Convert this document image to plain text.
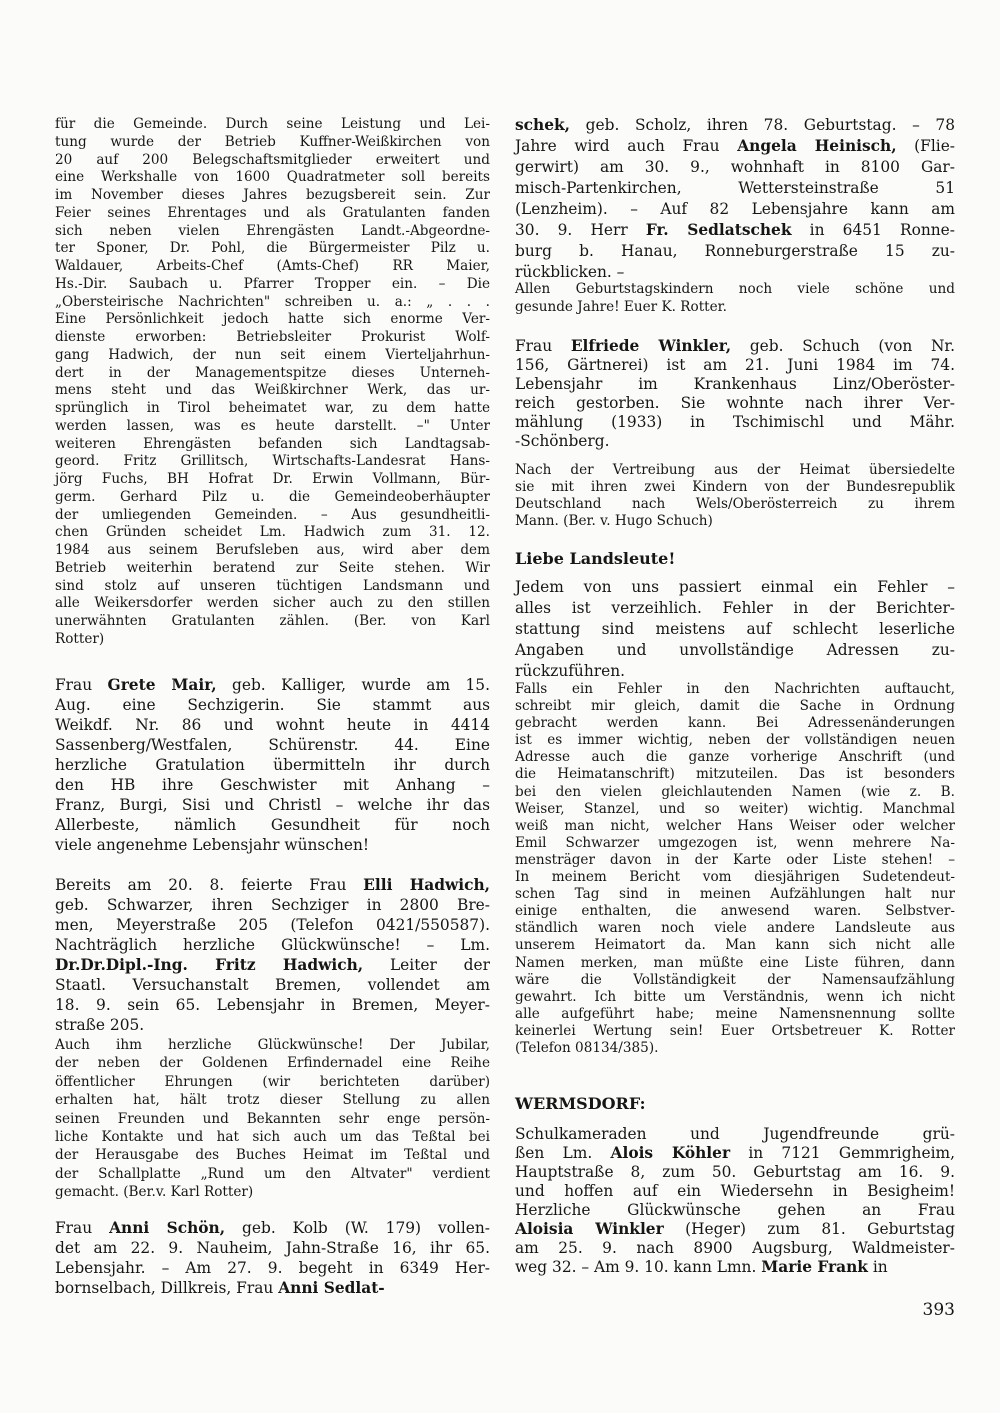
für die Gemeinde. Durch seine Leistung und Lei-
tung wurde der Betrieb Kuffner-Weißkirchen von
20 auf 200 Belegschaftsmitglieder erweitert und
eine Werkshalle von 1600 Quadratmeter soll bereits
im November dieses Jahres bezugsbereit sein. Zur
Feier seines Ehrentages und als Gratulanten fanden
sich neben vielen Ehrengästen Landt.-Abgeordne-
ter Sponer, Dr. Pohl, die Bürgermeister Pilz u.
Waldauer, Arbeits-Chef (Amts-Chef) RR Maier,
Hs.-Dir. Saubach u. Pfarrer Tropper ein. – Die
„Obersteirische Nachrichten" schreiben u. a.: „ . . .
Eine Persönlichkeit jedoch hatte sich enorme Ver-
dienste erworben: Betriebsleiter Prokurist Wolf-
gang Hadwich, der nun seit einem Vierteljahrhun-
dert in der Managementspitze dieses Unterneh-
mens steht und das Weißkirchner Werk, das ur-
sprünglich in Tirol beheimatet war, zu dem hatte
werden lassen, was es heute darstellt. –" Unter
weiteren Ehrengästen befanden sich Landtagsab-
geord. Fritz Grillitsch, Wirtschafts-Landesrat Hans-
jörg Fuchs, BH Hofrat Dr. Erwin Vollmann, Bür-
germ. Gerhard Pilz u. die Gemeindeoberhäupter
der umliegenden Gemeinden. – Aus gesundheitli-
chen Gründen scheidet Lm. Hadwich zum 31. 12.
1984 aus seinem Berufsleben aus, wird aber dem
Betrieb weiterhin beratend zur Seite stehen. Wir
sind stolz auf unseren tüchtigen Landsmann und
alle Weikersdorfer werden sicher auch zu den stillen
unerwähnten Gratulanten zählen. (Ber. von Karl
Rotter)
Frau Grete Mair, geb. Kalliger, wurde am 15.
Aug. eine Sechzigerin. Sie stammt aus
Weikdf. Nr. 86 und wohnt heute in 4414
Sassenberg/Westfalen, Schürenstr. 44. Eine
herzliche Gratulation übermitteln ihr durch
den HB ihre Geschwister mit Anhang –
Franz, Burgi, Sisi und Christl – welche ihr das
Allerbeste, nämlich Gesundheit für noch
viele angenehme Lebensjahr wünschen!
Bereits am 20. 8. feierte Frau Elli Hadwich,
geb. Schwarzer, ihren Sechziger in 2800 Bre-
men, Meyerstraße 205 (Telefon 0421/550587).
Nachträglich herzliche Glückwünsche! – Lm.
Dr.Dr.Dipl.-Ing. Fritz Hadwich, Leiter der
Staatl. Versuchanstalt Bremen, vollendet am
18. 9. sein 65. Lebensjahr in Bremen, Meyer-
straße 205.
Auch ihm herzliche Glückwünsche! Der Jubilar,
der neben der Goldenen Erfindernadel eine Reihe
öffentlicher Ehrungen (wir berichteten darüber)
erhalten hat, hält trotz dieser Stellung zu allen
seinen Freunden und Bekannten sehr enge persön-
liche Kontakte und hat sich auch um das Teßtal bei
der Herausgabe des Buches Heimat im Teßtal und
der Schallplatte „Rund um den Altvater" verdient
gemacht. (Ber.v. Karl Rotter)
Frau Anni Schön, geb. Kolb (W. 179) vollen-
det am 22. 9. Nauheim, Jahn-Straße 16, ihr 65.
Lebensjahr. – Am 27. 9. begeht in 6349 Her-
bornselbach, Dillkreis, Frau Anni Sedlat-
schek, geb. Scholz, ihren 78. Geburtstag. – 78
Jahre wird auch Frau Angela Heinisch, (Flie-
gerwirt) am 30. 9., wohnhaft in 8100 Gar-
misch-Partenkirchen, Wettersteinstraße 51
(Lenzheim). – Auf 82 Lebensjahre kann am
30. 9. Herr Fr. Sedlatschek in 6451 Ronne-
burg b. Hanau, Ronneburgerstraße 15 zu-
rückblicken. –
Allen Geburtstagskindern noch viele schöne und
gesunde Jahre! Euer K. Rotter.
Frau Elfriede Winkler, geb. Schuch (von Nr.
156, Gärtnerei) ist am 21. Juni 1984 im 74.
Lebensjahr im Krankenhaus Linz/Oberöster-
reich gestorben. Sie wohnte nach ihrer Ver-
mählung (1933) in Tschimischl und Mähr.
-Schönberg.
Nach der Vertreibung aus der Heimat übersiedelte
sie mit ihren zwei Kindern von der Bundesrepublik
Deutschland nach Wels/Oberösterreich zu ihrem
Mann. (Ber. v. Hugo Schuch)
Liebe Landsleute!
Jedem von uns passiert einmal ein Fehler –
alles ist verzeihlich. Fehler in der Berichter-
stattung sind meistens auf schlecht leserliche
Angaben und unvollständige Adressen zu-
rückzuführen.
Falls ein Fehler in den Nachrichten auftaucht,
schreibt mir gleich, damit die Sache in Ordnung
gebracht werden kann. Bei Adressenänderungen
ist es immer wichtig, neben der vollständigen neuen
Adresse auch die ganze vorherige Anschrift (und
die Heimatanschrift) mitzuteilen. Das ist besonders
bei den vielen gleichlautenden Namen (wie z. B.
Weiser, Stanzel, und so weiter) wichtig. Manchmal
weiß man nicht, welcher Hans Weiser oder welcher
Emil Schwarzer umgezogen ist, wenn mehrere Na-
mensträger davon in der Karte oder Liste stehen! –
In meinem Bericht vom diesjährigen Sudetendeut-
schen Tag sind in meinen Aufzählungen halt nur
einige enthalten, die anwesend waren. Selbstver-
ständlich waren noch viele andere Landsleute aus
unserem Heimatort da. Man kann sich nicht alle
Namen merken, man müßte eine Liste führen, dann
wäre die Vollständigkeit der Namensaufzählung
gewahrt. Ich bitte um Verständnis, wenn ich nicht
alle aufgeführt habe; meine Namensnennung sollte
keinerlei Wertung sein! Euer Ortsbetreuer K. Rotter
(Telefon 08134/385).
WERMSDORF:
Schulkameraden und Jugendfreunde grü-
ßen Lm. Alois Köhler in 7121 Gemmrigheim,
Hauptstraße 8, zum 50. Geburtstag am 16. 9.
und hoffen auf ein Wiedersehn in Besigheim!
Herzliche Glückwünsche gehen an Frau
Aloisia Winkler (Heger) zum 81. Geburtstag
am 25. 9. nach 8900 Augsburg, Waldmeister-
weg 32. – Am 9. 10. kann Lmn. Marie Frank in
393
